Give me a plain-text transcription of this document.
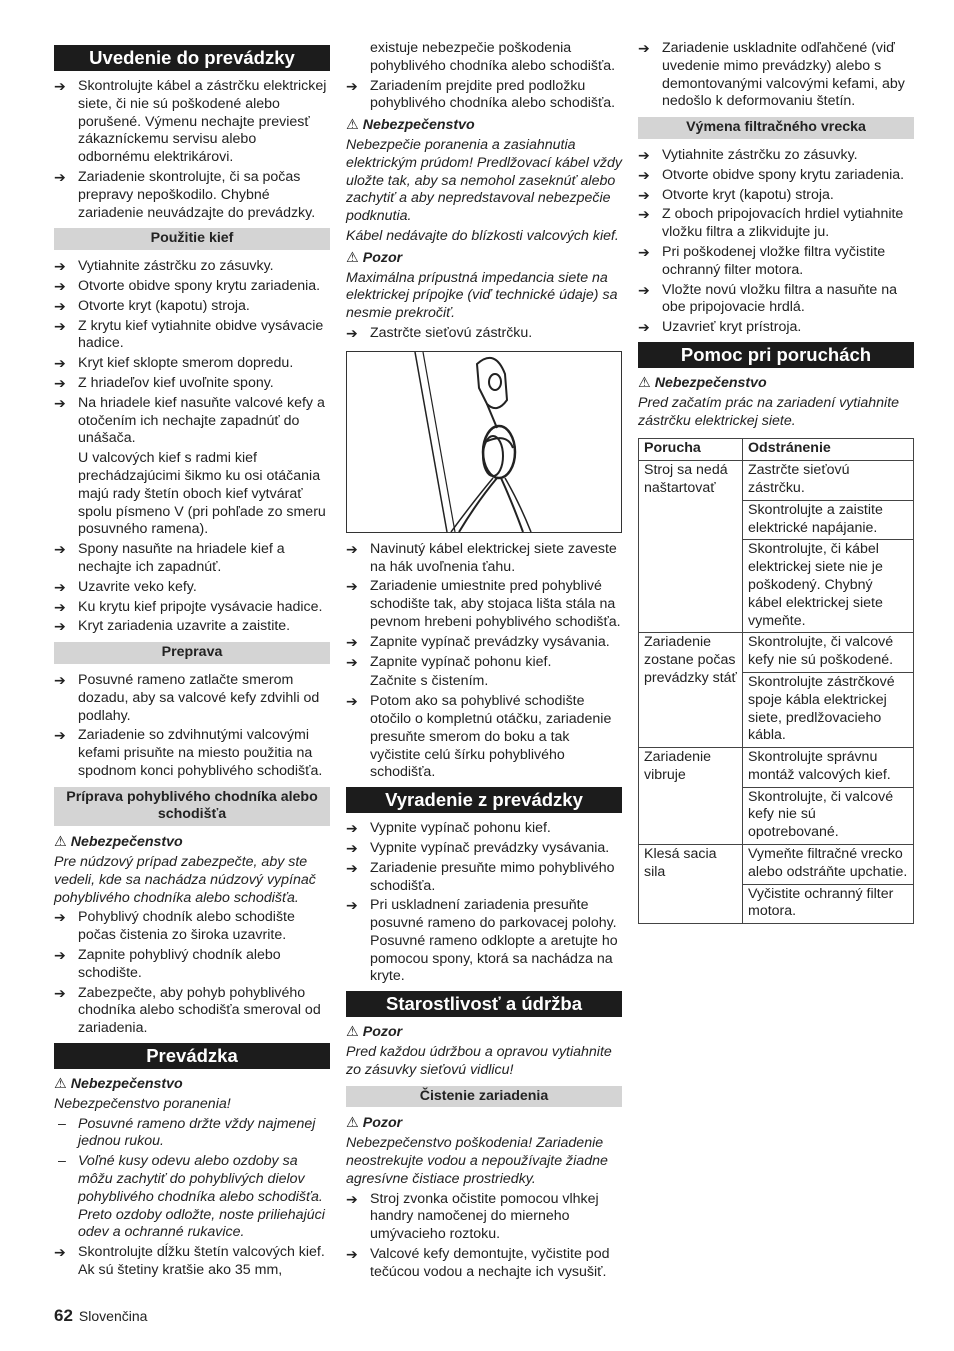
Uvedenie do prevádzky
➔ Skontrolujte kábel a zástrčku elektrickej siete, či nie sú poškodené alebo porušené. Výmenu nechajte previesť zákazníckemu servisu alebo odbornému elektrikárovi.
➔ Zariadenie skontrolujte, či sa počas prepravy nepoškodilo. Chybné zariadenie neuvádzajte do prevádzky.
Použitie kief
➔ Vytiahnite zástrčku zo zásuvky.
➔ Otvorte obidve spony krytu zariadenia.
➔ Otvorte kryt (kapotu) stroja.
➔ Z krytu kief vytiahnite obidve vysávacie hadice.
➔ Kryt kief sklopte smerom dopredu.
➔ Z hriadeľov kief uvoľnite spony.
➔ Na hriadele kief nasuňte valcové kefy a otočením ich nechajte zapadnúť do unášača.
U valcových kief s radmi kief prechádzajúcimi šikmo ku osi otáčania majú rady štetín oboch kief vytvárať spolu písmeno V (pri pohľade zo smeru posuvného ramena).
➔ Spony nasuňte na hriadele kief a nechajte ich zapadnúť.
➔ Uzavrite veko kefy.
➔ Ku krytu kief pripojte vysávacie hadice.
➔ Kryt zariadenia uzavrite a zaistite.
Preprava
➔ Posuvné rameno zatlačte smerom dozadu, aby sa valcové kefy zdvihli od podlahy.
➔ Zariadenie so zdvihnutými valcovými kefami prisuňte na miesto použitia na spodnom konci pohyblivého schodišťa.
Príprava pohyblivého chodníka alebo schodišťa
⚠ Nebezpečenstvo
Pre núdzový prípad zabezpečte, aby ste vedeli, kde sa nachádza núdzový vypínač pohyblivého chodníka alebo schodišťa.
➔ Pohyblivý chodník alebo schodište počas čistenia zo široka uzavrite.
➔ Zapnite pohyblivý chodník alebo schodište.
➔ Zabezpečte, aby pohyb pohyblivého chodníka alebo schodišťa smeroval od zariadenia.
Prevádzka
⚠ Nebezpečenstvo
Nebezpečenstvo poranenia!
– Posuvné rameno držte vždy najmenej jednou rukou.
– Voľné kusy odevu alebo ozdoby sa môžu zachytiť do pohyblivých dielov pohyblivého chodníka alebo schodišťa. Preto ozdoby odložte, noste priliehajúci odev a ochranné rukavice.
➔ Skontrolujte dĺžku štetín valcových kief. Ak sú štetiny kratšie ako 35 mm,
existuje nebezpečie poškodenia pohyblivého chodníka alebo schodišťa.
➔ Zariadením prejdite pred podložku pohyblivého chodníka alebo schodišťa.
⚠ Nebezpečenstvo
Nebezpečie poranenia a zasiahnutia elektrickým prúdom! Predlžovací kábel vždy uložte tak, aby sa nemohol zaseknúť alebo zachytiť a aby nepredstavoval nebezpečie podknutia.
Kábel nedávajte do blízkosti valcových kief.
⚠ Pozor
Maximálna prípustná impedancia siete na elektrickej prípojke (viď technické údaje) sa nesmie prekročiť.
➔ Zastrčte sieťovú zástrčku.
➔ Navinutý kábel elektrickej siete zaveste na hák uvoľnenia ťahu.
➔ Zariadenie umiestnite pred pohyblivé schodište tak, aby stojaca lišta stála na pevnom hrebeni pohyblivého schodišťa.
➔ Zapnite vypínač prevádzky vysávania.
➔ Zapnite vypínač pohonu kief.
Začnite s čistením.
➔ Potom ako sa pohyblivé schodište otočilo o kompletnú otáčku, zariadenie presuňte smerom do boku a tak vyčistite celú šírku pohyblivého schodišťa.
Vyradenie z prevádzky
➔ Vypnite vypínač pohonu kief.
➔ Vypnite vypínač prevádzky vysávania.
➔ Zariadenie presuňte mimo pohyblivého schodišťa.
➔ Pri uskladnení zariadenia presuňte posuvné rameno do parkovacej polohy. Posuvné rameno odklopte a aretujte ho pomocou spony, ktorá sa nachádza na kryte.
Starostlivosť a údržba
⚠ Pozor
Pred každou údržbou a opravou vytiahnite zo zásuvky sieťovú vidlicu!
Čistenie zariadenia
⚠ Pozor
Nebezpečenstvo poškodenia! Zariadenie neostrekujte vodou a nepoužívajte žiadne agresívne čistiace prostriedky.
➔ Stroj zvonka očistite pomocou vlhkej handry namočenej do mierneho umývacieho roztoku.
➔ Valcové kefy demontujte, vyčistite pod tečúcou vodou a nechajte ich vysušiť.
➔ Zariadenie uskladnite odľahčené (viď uvedenie mimo prevádzky) alebo s demontovanými valcovými kefami, aby nedošlo k deformovaniu štetín.
Výmena filtračného vrecka
➔ Vytiahnite zástrčku zo zásuvky.
➔ Otvorte obidve spony krytu zariadenia.
➔ Otvorte kryt (kapotu) stroja.
➔ Z oboch pripojovacích hrdiel vytiahnite vložku filtra a zlikvidujte ju.
➔ Pri poškodenej vložke filtra vyčistite ochranný filter motora.
➔ Vložte novú vložku filtra a nasuňte na obe pripojovacie hrdlá.
➔ Uzavrieť kryt prístroja.
Pomoc pri poruchách
⚠ Nebezpečenstvo
Pred začatím prác na zariadení vytiahnite zástrčku elektrickej siete.
Porucha	Odstránenie
Stroj sa nedá naštartovať	Zastrčte sieťovú zástrčku.
	Skontrolujte a zaistite elektrické napájanie.
	Skontrolujte, či kábel elektrickej siete nie je poškodený. Chybný kábel elektrickej siete vymeňte.
Zariadenie zostane počas prevádzky stáť	Skontrolujte, či valcové kefy nie sú poškodené.
	Skontrolujte zástrčkové spoje kábla elektrickej siete, predlžovacieho kábla.
Zariadenie vibruje	Skontrolujte správnu montáž valcových kief.
	Skontrolujte, či valcové kefy nie sú opotrebované.
Klesá sacia sila	Vymeňte filtračné vrecko alebo odstráňte upchatie.
	Vyčistite ochranný filter motora.
62 Slovenčina
